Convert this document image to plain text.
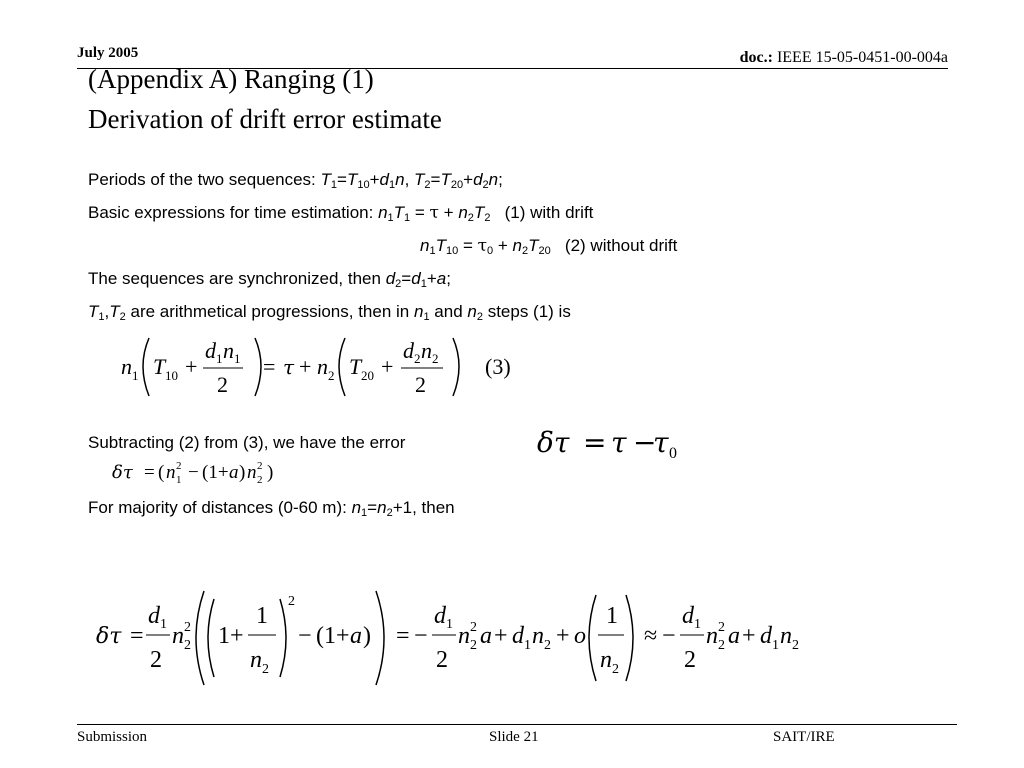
July 2005	doc.: IEEE 15-05-0451-00-004a
(Appendix A) Ranging (1)
Derivation of drift error estimate
Periods of the two sequences: $T_1=T_{10}+d_1n$, $T_2=T_{20}+d_2n$;
Basic expressions for time estimation: $n_1T_1 = \tau + n_2T_2$ (1) with drift
$n_1T_{10} = \tau_0 + n_2T_{20}$ (2) without drift
The sequences are synchronized, then $d_2=d_1+a$;
$T_1,T_2$ are arithmetical progressions, then in $n_1$ and $n_2$ steps (1) is
n 1 T 10 +
d 1 n 1
2
= τ + n 2 T 20 +
d 2 n 2
2
(3)
Subtracting (2) from (3), we have the error	δτ = τ −
τ 0
δτ = ( n 2
1 − (1+ a ) n 2
2 )
For majority of distances (0-60 m): $n_1=n_2+1$, then
δτ =
d 1
2
n 2
2 1+
1
n 2
2
− (1+ a ) = −
d 1
2
n 2
2 a + d 1 n 2 + o
1
n 2
≈ −
d 1
2
n 2
2 a + d 1 n 2
Submission	Slide 21	SAIT/IRE
